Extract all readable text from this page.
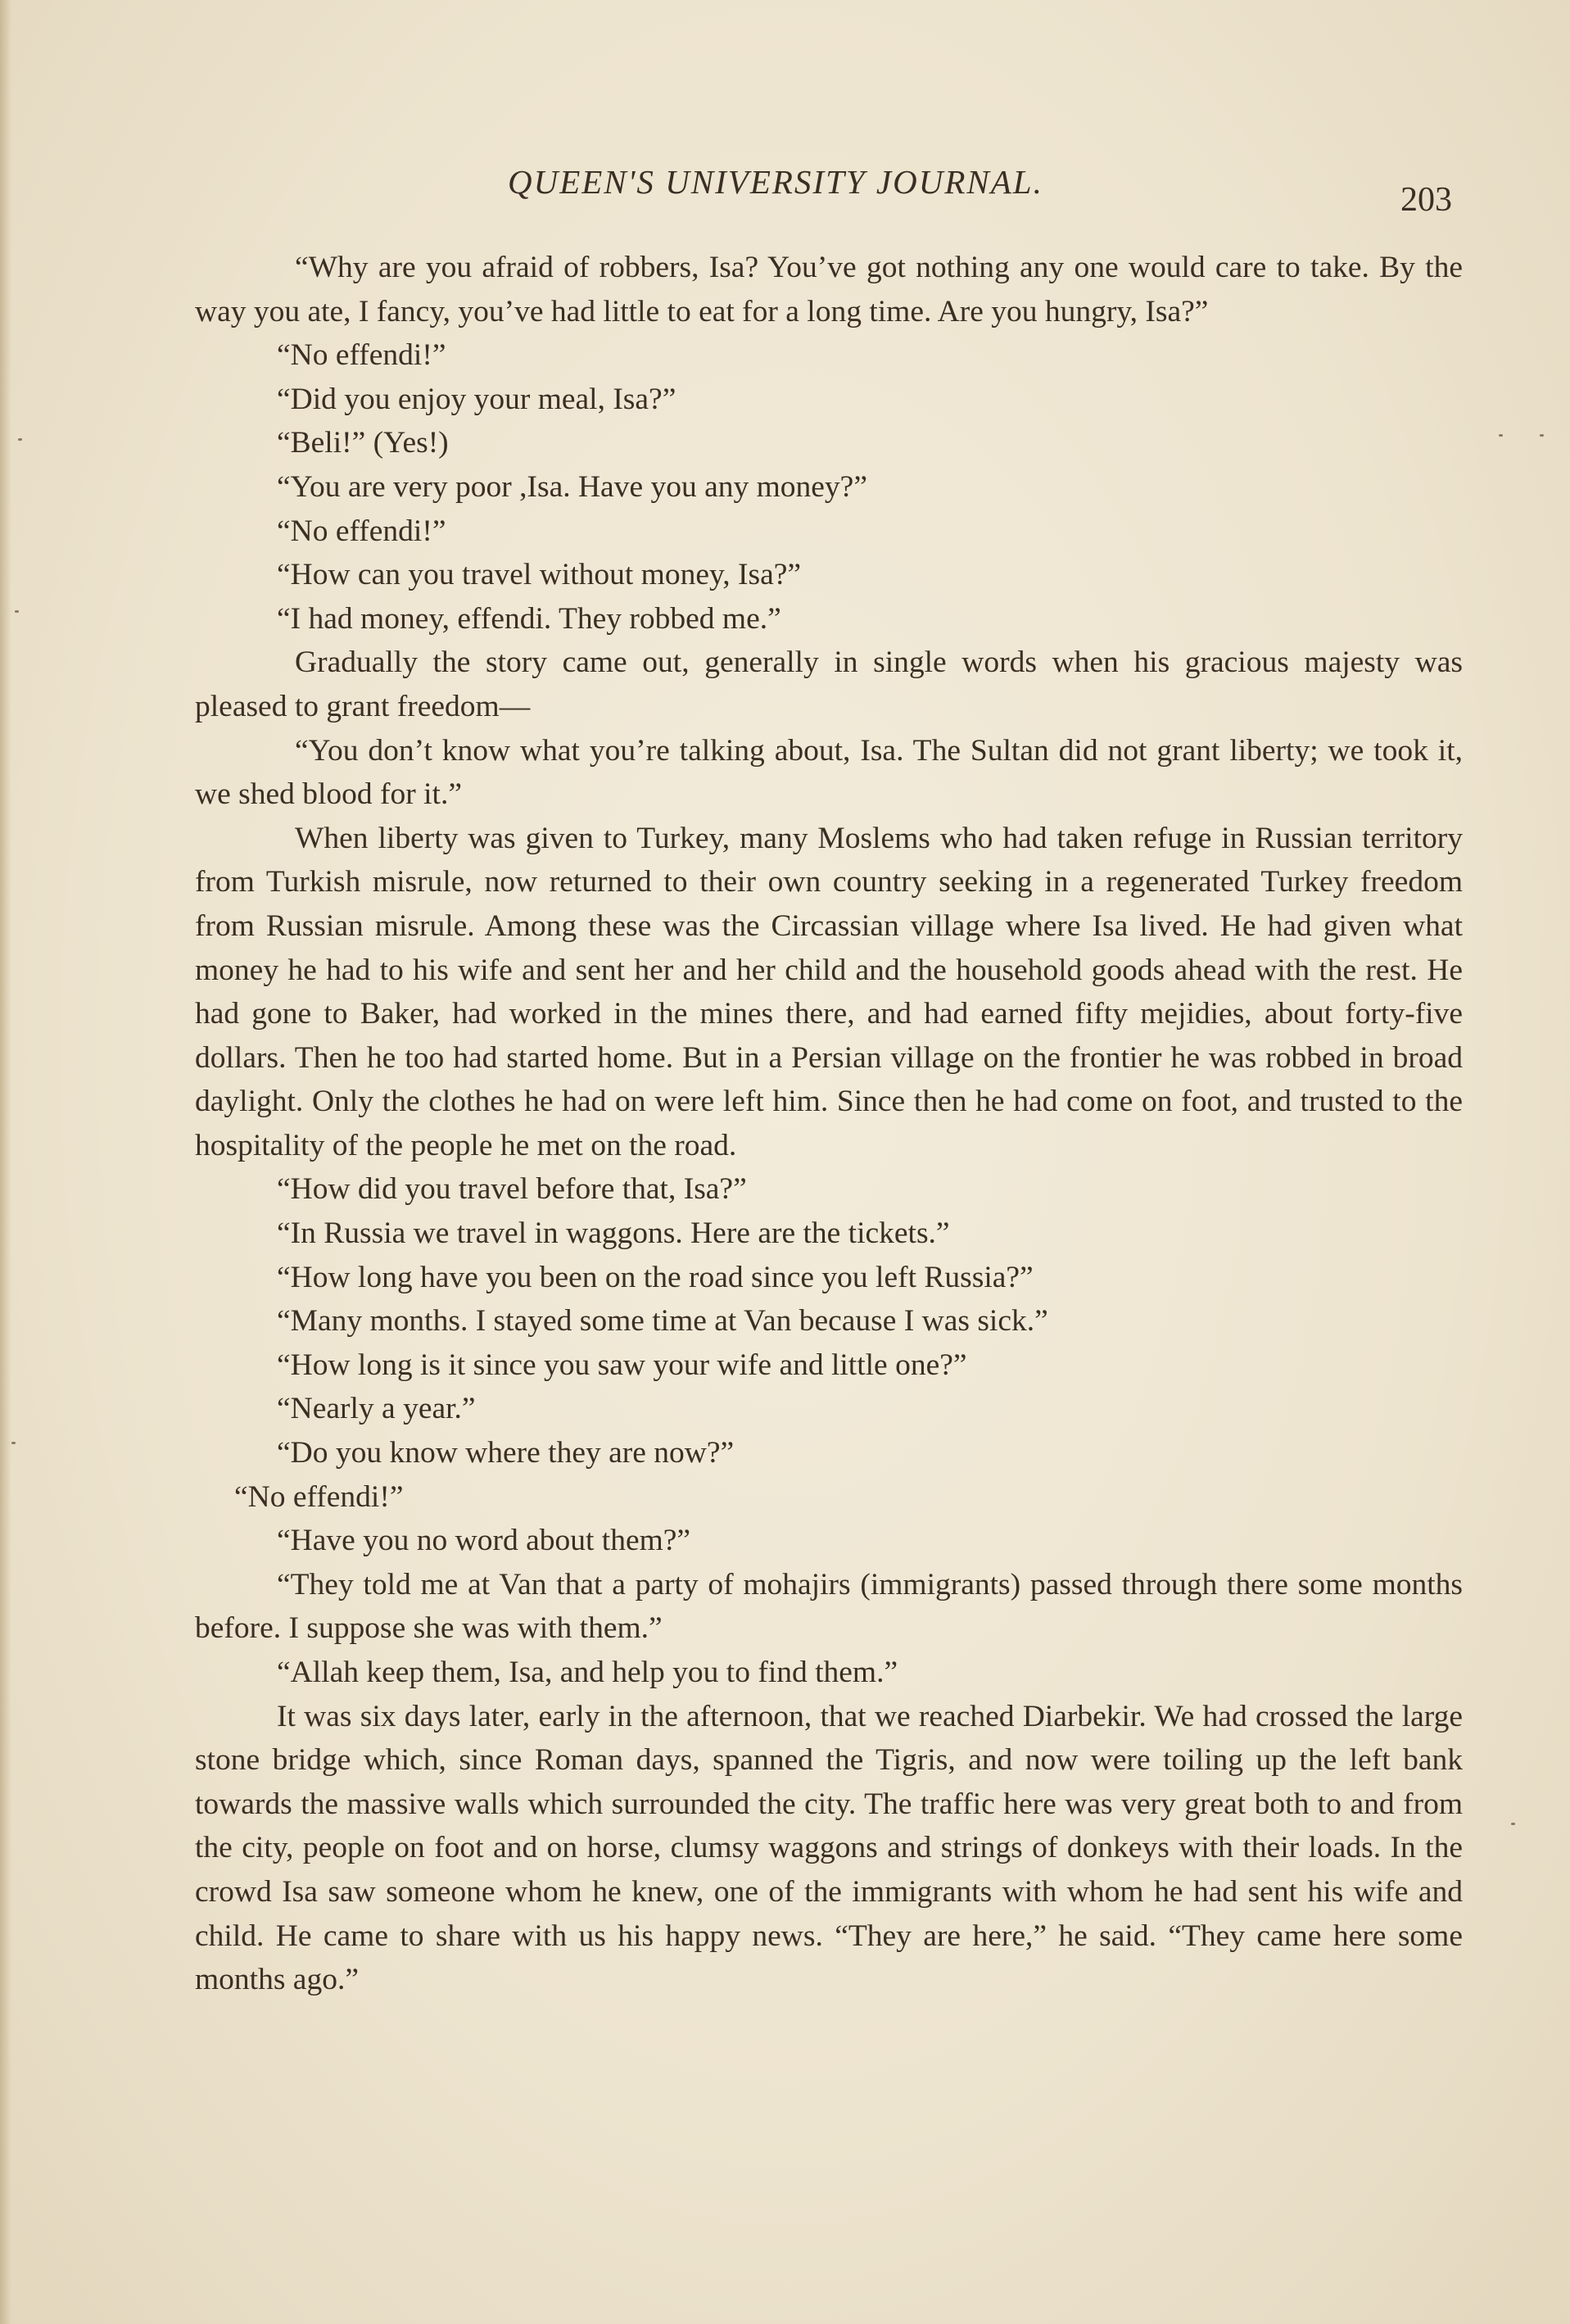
QUEEN'S UNIVERSITY JOURNAL.	203

“Why are you afraid of robbers, Isa? You’ve got nothing any one would care to take. By the way you ate, I fancy, you’ve had little to eat for a long time. Are you hungry, Isa?”

“No effendi!”

“Did you enjoy your meal, Isa?”

“Beli!” (Yes!)

“You are very poor ,Isa. Have you any money?”

“No effendi!”

“How can you travel without money, Isa?”

“I had money, effendi. They robbed me.”

Gradually the story came out, generally in single words when his gracious majesty was pleased to grant freedom—

“You don’t know what you’re talking about, Isa. The Sultan did not grant liberty; we took it, we shed blood for it.”

When liberty was given to Turkey, many Moslems who had taken refuge in Russian territory from Turkish misrule, now returned to their own country seeking in a regenerated Turkey freedom from Russian misrule. Among these was the Circassian village where Isa lived. He had given what money he had to his wife and sent her and her child and the household goods ahead with the rest. He had gone to Baker, had worked in the mines there, and had earned fifty mejidies, about forty-five dollars. Then he too had started home. But in a Persian village on the frontier he was robbed in broad daylight. Only the clothes he had on were left him. Since then he had come on foot, and trusted to the hospitality of the people he met on the road.

“How did you travel before that, Isa?”

“In Russia we travel in waggons. Here are the tickets.”

“How long have you been on the road since you left Russia?”

“Many months. I stayed some time at Van because I was sick.”

“How long is it since you saw your wife and little one?”

“Nearly a year.”

“Do you know where they are now?”

“No effendi!”

“Have you no word about them?”

“They told me at Van that a party of mohajirs (immigrants) passed through there some months before. I suppose she was with them.”

“Allah keep them, Isa, and help you to find them.”

It was six days later, early in the afternoon, that we reached Diarbekir. We had crossed the large stone bridge which, since Roman days, spanned the Tigris, and now were toiling up the left bank towards the massive walls which surrounded the city. The traffic here was very great both to and from the city, people on foot and on horse, clumsy waggons and strings of donkeys with their loads. In the crowd Isa saw someone whom he knew, one of the immigrants with whom he had sent his wife and child. He came to share with us his happy news. “They are here,” he said. “They came here some months ago.”
